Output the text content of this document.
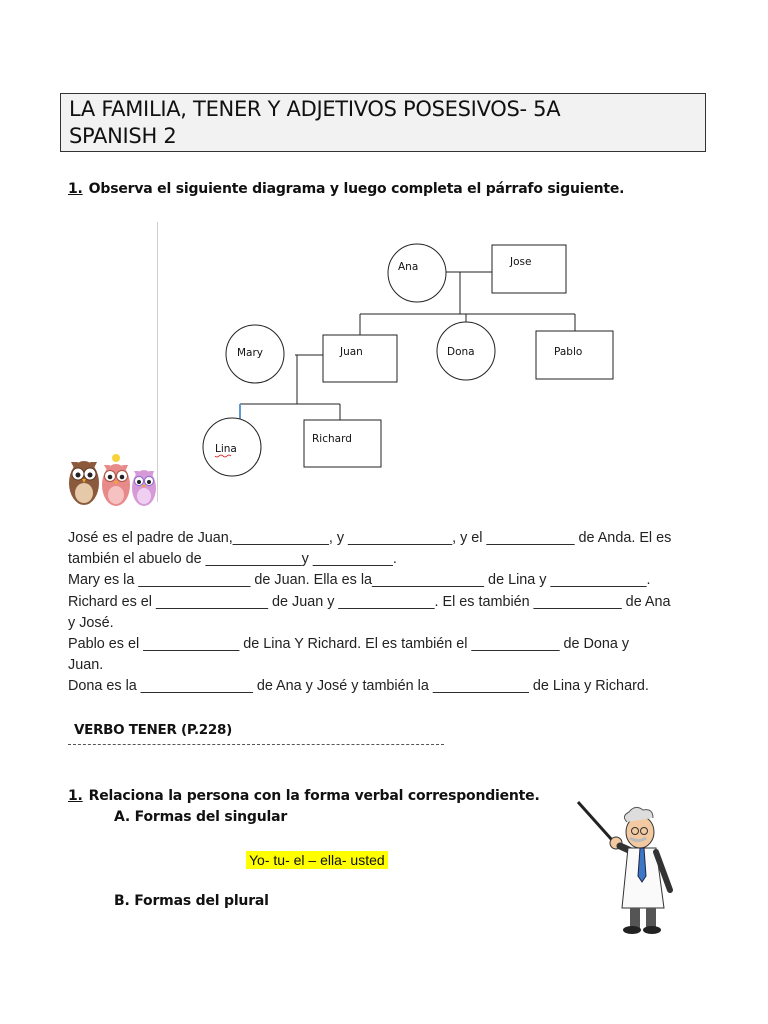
LA FAMILIA, TENER Y ADJETIVOS POSESIVOS- 5A
SPANISH 2
1. Observa el siguiente diagrama y luego completa el párrafo siguiente.
Ana	Jose
Mary	Juan	Dona	Pablo
Lina
Richard

José es el padre de Juan,____________, y _____________, y el ___________ de Anda. El es

también el abuelo de ____________y __________.

Mary es la ______________ de Juan. Ella es la______________ de Lina y ____________.

Richard es el ______________ de Juan y ____________. El es también ___________ de Ana

y José.

Pablo es el ____________ de Lina Y Richard. El es también el ___________ de Dona y

Juan.

Dona es la ______________ de Ana y José y también la ____________ de Lina y Richard.

VERBO TENER (P.228)
1. Relaciona la persona con la forma verbal correspondiente.
A. Formas del singular
Yo- tu- el – ella- usted
B. Formas del plural
